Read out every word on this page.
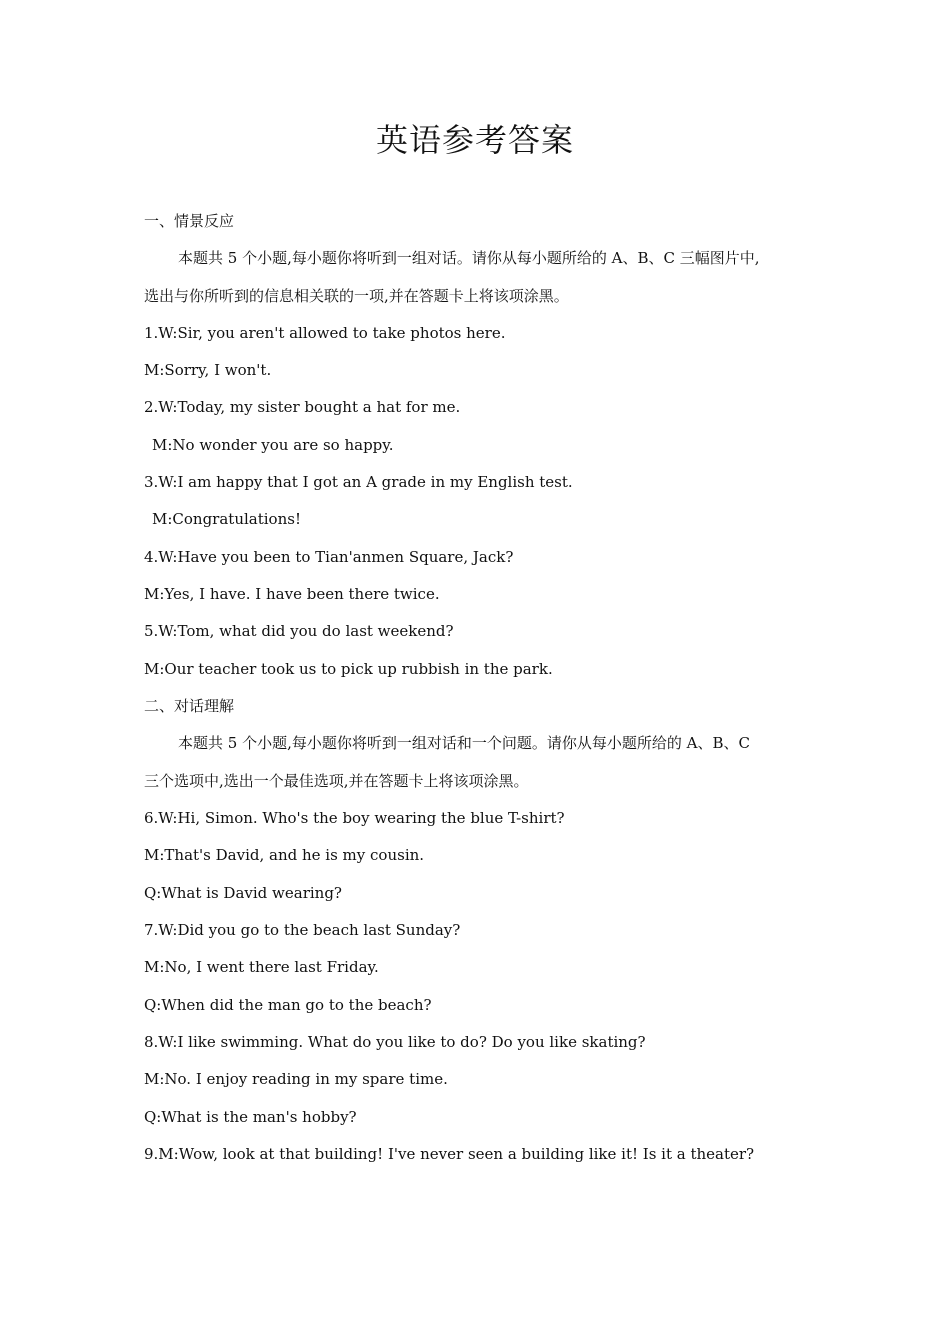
英语参考答案
一、情景反应
本题共 5 个小题,每小题你将听到一组对话。请你从每小题所给的 A、B、C 三幅图片中,
选出与你所听到的信息相关联的一项,并在答题卡上将该项涂黑。
1.W:Sir, you aren't allowed to take photos here.
M:Sorry, I won't.
2.W:Today, my sister bought a hat for me.
M:No wonder you are so happy.
3.W:I am happy that I got an A grade in my English test.
M:Congratulations!
4.W:Have you been to Tian'anmen Square, Jack?
M:Yes, I have. I have been there twice.
5.W:Tom, what did you do last weekend?
M:Our teacher took us to pick up rubbish in the park.
二、对话理解
本题共 5 个小题,每小题你将听到一组对话和一个问题。请你从每小题所给的 A、B、C
三个选项中,选出一个最佳选项,并在答题卡上将该项涂黑。
6.W:Hi, Simon. Who's the boy wearing the blue T-shirt?
M:That's David, and he is my cousin.
Q:What is David wearing?
7.W:Did you go to the beach last Sunday?
M:No, I went there last Friday.
Q:When did the man go to the beach?
8.W:I like swimming. What do you like to do? Do you like skating?
M:No. I enjoy reading in my spare time.
Q:What is the man's hobby?
9.M:Wow, look at that building! I've never seen a building like it! Is it a theater?
